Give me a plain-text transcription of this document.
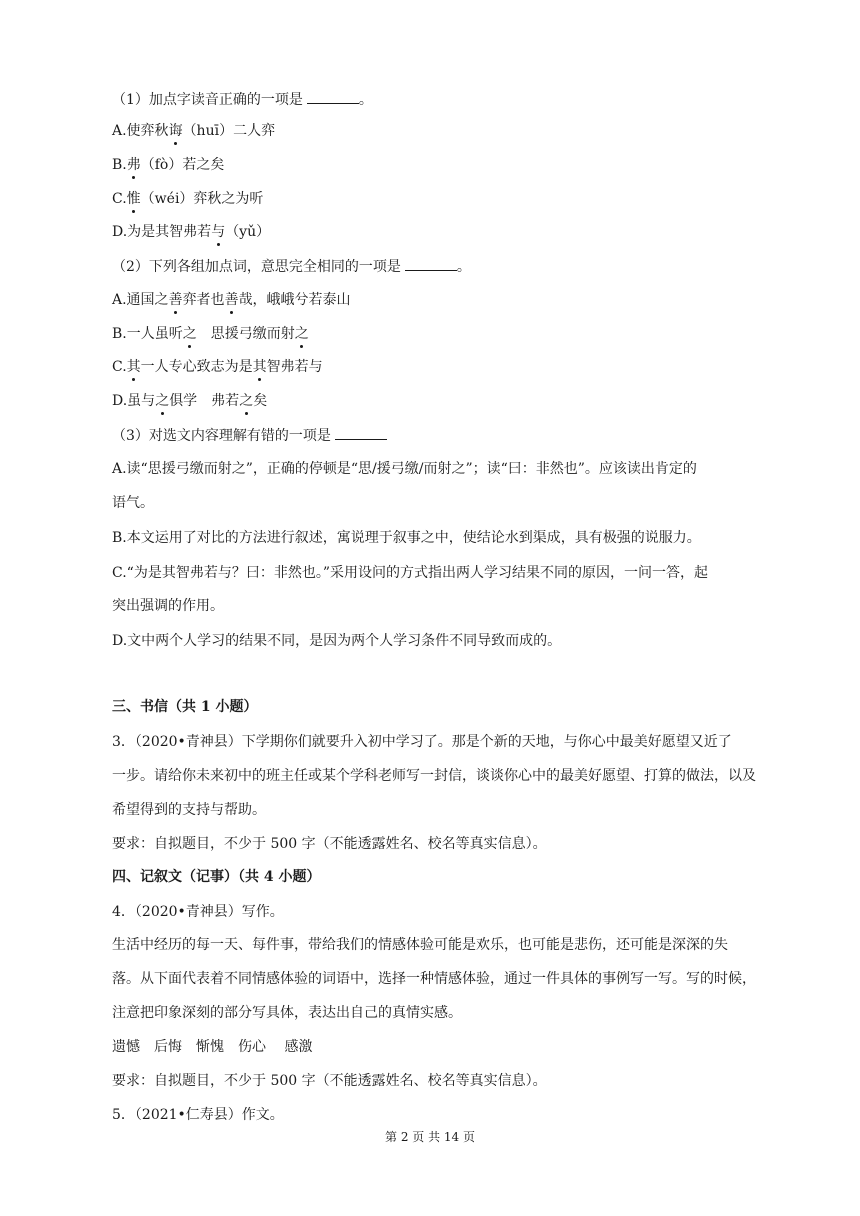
（1）加点字读音正确的一项是	。
A.使弈秋诲（huī）二人弈
B.弗（fò）若之矣
C.惟（wéi）弈秋之为听
D.为是其智弗若与（yǔ）
（2）下列各组加点词，意思完全相同的一项是	。
A.通国之善弈者也善哉，峨峨兮若泰山
B.一人虽听之　思援弓缴而射之
C.其一人专心致志为是其智弗若与
D.虽与之俱学　弗若之矣
（3）对选文内容理解有错的一项是
A.读“思援弓缴而射之”，正确的停顿是“思/援弓缴/而射之”；读“曰：非然也”。应该读出肯定的
语气。
B.本文运用了对比的方法进行叙述，寓说理于叙事之中，使结论水到渠成，具有极强的说服力。
C.“为是其智弗若与？曰：非然也。”采用设问的方式指出两人学习结果不同的原因，一问一答，起
突出强调的作用。
D.文中两个人学习的结果不同，是因为两个人学习条件不同导致而成的。
三、书信（共 1 小题）
3．（2020•青神县）下学期你们就要升入初中学习了。那是个新的天地，与你心中最美好愿望又近了
一步。请给你未来初中的班主任或某个学科老师写一封信，谈谈你心中的最美好愿望、打算的做法，以及
希望得到的支持与帮助。
要求：自拟题目，不少于 500 字（不能透露姓名、校名等真实信息）。
四、记叙文（记事）（共 4 小题）
4．（2020•青神县）写作。
生活中经历的每一天、每件事，带给我们的情感体验可能是欢乐，也可能是悲伤，还可能是深深的失
落。从下面代表着不同情感体验的词语中，选择一种情感体验，通过一件具体的事例写一写。写的时候，
注意把印象深刻的部分写具体，表达出自己的真情实感。
遗憾　后悔　惭愧　伤心　 感激
要求：自拟题目，不少于 500 字（不能透露姓名、校名等真实信息）。
5．（2021•仁寿县）作文。
第 2 页 共 14 页
